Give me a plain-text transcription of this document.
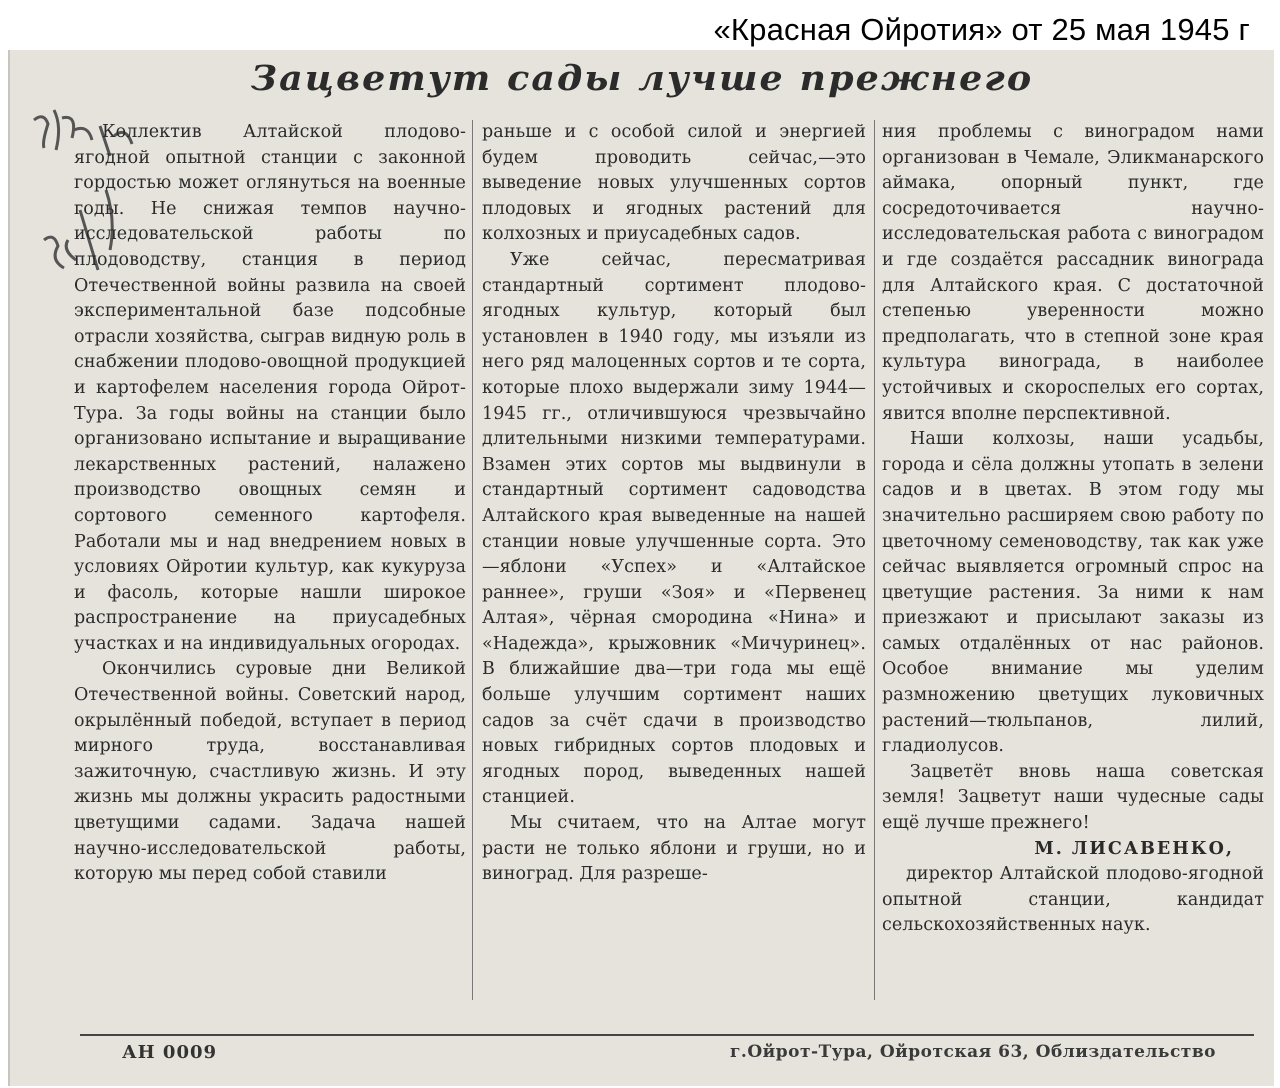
«Красная Ойротия» от 25 мая 1945 г
Зацветут сады лучше прежнего

Коллектив Алтайской плодово-ягодной опытной станции с законной гордостью может оглянуться на военные годы. Не снижая темпов научно-исследовательской работы по плодоводству, станция в период Отечественной войны развила на своей экспериментальной базе подсобные отрасли хозяйства, сыграв видную роль в снабжении плодово-овощной продукцией и картофелем населения города Ойрот-Тура. За годы войны на станции было организовано испытание и выращивание лекарственных растений, налажено производство овощных семян и сортового семенного картофеля. Работали мы и над внедрением новых в условиях Ойротии культур, как кукуруза и фасоль, которые нашли широкое распространение на приусадебных участках и на индивидуальных огородах.

Окончились суровые дни Великой Отечественной войны. Советский народ, окрылённый победой, вступает в период мирного труда, восстанавливая зажиточную, счастливую жизнь. И эту жизнь мы должны украсить радостными цветущими садами. Задача нашей научно-исследовательской работы, которую мы перед собой ставили

раньше и с особой силой и энергией будем проводить сейчас,—это выведение новых улучшенных сортов плодовых и ягодных растений для колхозных и приусадебных садов.

Уже сейчас, пересматривая стандартный сортимент плодово-ягодных культур, который был установлен в 1940 году, мы изъяли из него ряд малоценных сортов и те сорта, которые плохо выдержали зиму 1944—1945 гг., отличившуюся чрезвычайно длительными низкими температурами. Взамен этих сортов мы выдвинули в стандартный сортимент садоводства Алтайского края выведенные на нашей станции новые улучшенные сорта. Это—яблони «Успех» и «Алтайское раннее», груши «Зоя» и «Первенец Алтая», чёрная смородина «Нина» и «Надежда», крыжовник «Мичуринец». В ближайшие два—три года мы ещё больше улучшим сортимент наших садов за счёт сдачи в производство новых гибридных сортов плодовых и ягодных пород, выведенных нашей станцией.

Мы считаем, что на Алтае могут расти не только яблони и груши, но и виноград. Для разреше-

ния проблемы с виноградом нами организован в Чемале, Эликманарского аймака, опорный пункт, где сосредоточивается научно-исследовательская работа с виноградом и где создаётся рассадник винограда для Алтайского края. С достаточной степенью уверенности можно предполагать, что в степной зоне края культура винограда, в наиболее устойчивых и скороспелых его сортах, явится вполне перспективной.

Наши колхозы, наши усадьбы, города и сёла должны утопать в зелени садов и в цветах. В этом году мы значительно расширяем свою работу по цветочному семеноводству, так как уже сейчас выявляется огромный спрос на цветущие растения. За ними к нам приезжают и присылают заказы из самых отдалённых от нас районов. Особое внимание мы уделим размножению цветущих луковичных растений—тюльпанов, лилий, гладиолусов.

Зацветёт вновь наша советская земля! Зацветут наши чудесные сады ещё лучше прежнего!

М. ЛИСАВЕНКО,

директор Алтайской плодово-ягодной опытной станции, кандидат сельскохозяйственных наук.

АН 0009	г.Ойрот-Тура, Ойротская 63, Облиздательство
